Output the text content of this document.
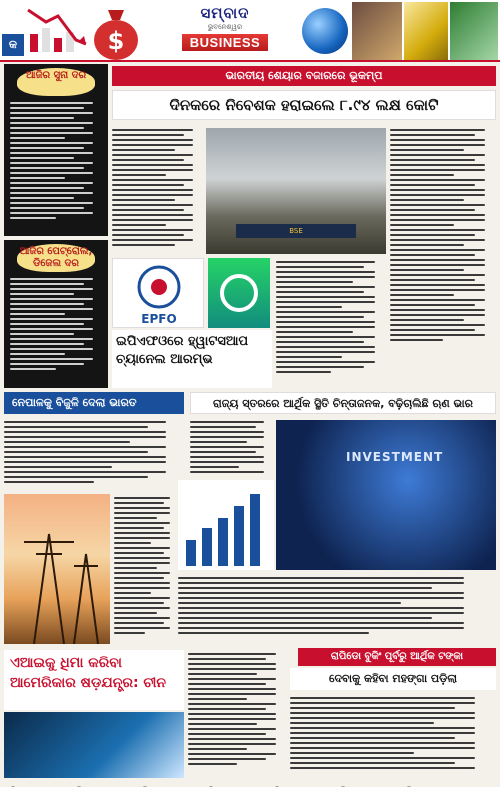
କ	$
ସମ୍ବାଦ
ଭୁବନେଶ୍ୱର
BUSINESS
ଆଜିର ସୁନା ଦର
ଆଜିର ପେଟ୍ରୋଲ, ଡିଜେଲ ଦର
ଭାରତୀୟ ଶେୟାର ବଜାରରେ ଭୂକମ୍ପ
ଦିନକରେ ନିବେଶକ ହରାଇଲେ ୮.୯୪ ଲକ୍ଷ କୋଟି
BSE
EPFO
ଇପିଏଫଓରେ ହ୍ୱାଟସଆପ ଚ୍ୟାନେଲ ଆରମ୍ଭ
ନେପାଳକୁ ବିଜୁଳି ଦେଲା ଭାରତ	ରାଜ୍ୟ ସ୍ତରରେ ଆର୍ଥିକ ସ୍ଥିତି ଚିନ୍ତାଜନକ, ବଢ଼ିଚାଲିଛି ଋଣ ଭାର
INVESTMENT
ଏଆଇକୁ ଧିମା କରିବା ଆମେରିକାର ଷଡ଼ଯନ୍ତ୍ର: ଚୀନ
ରାପିଡୋ ବୁକିଂ ପୂର୍ବରୁ ଆର୍ଥିକ ଟଙ୍କା
ଦେବାକୁ କହିବା ମହଙ୍ଗା ପଡ଼ିଲା
